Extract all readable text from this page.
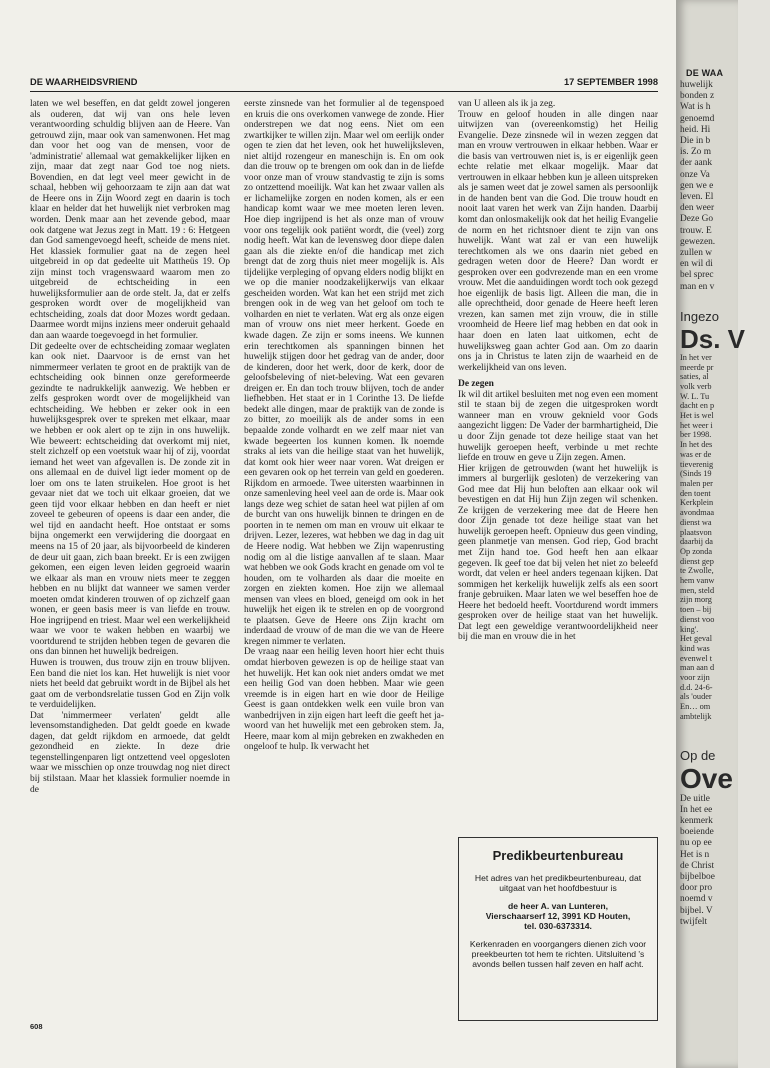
DE WAARHEIDSVRIEND	17 SEPTEMBER 1998

laten we wel beseffen, en dat geldt zowel jongeren als ouderen, dat wij van ons hele leven verantwoording schuldig blijven aan de Heere. Van getrouwd zijn, maar ook van samenwonen. Het mag dan voor het oog van de mensen, voor de 'administratie' allemaal wat gemakkelijker lijken en zijn, maar dat zegt naar God toe nog niets. Bovendien, en dat legt veel meer gewicht in de schaal, hebben wij gehoorzaam te zijn aan dat wat de Heere ons in Zijn Woord zegt en daarin is toch klaar en helder dat het huwelijk niet verbroken mag worden. Denk maar aan het zevende gebod, maar ook datgene wat Jezus zegt in Matt. 19 : 6: Hetgeen dan God samengevoegd heeft, scheide de mens niet. Het klassiek formulier gaat na de zegen heel uitgebreid in op dat gedeelte uit Mattheüs 19. Op zijn minst toch vragenswaard waarom men zo uitgebreid de echtscheiding in een huwelijksformulier aan de orde stelt. Ja, dat er zelfs gesproken wordt over de mogelijkheid van echtscheiding, zoals dat door Mozes wordt gedaan. Daarmee wordt mijns inziens meer onderuit gehaald dan aan waarde toegevoegd in het formulier.

Dit gedeelte over de echtscheiding zomaar weglaten kan ook niet. Daarvoor is de ernst van het nimmermeer verlaten te groot en de praktijk van de echtscheiding ook binnen onze gereformeerde gezindte te nadrukkelijk aanwezig. We hebben er zelfs gesproken wordt over de mogelijkheid van echtscheiding. We hebben er zeker ook in een huwelijksgesprek over te spreken met elkaar, maar we hebben er ook alert op te zijn in ons huwelijk. Wie beweert: echtscheiding dat overkomt mij niet, stelt zichzelf op een voetstuk waar hij of zij, voordat iemand het weet van afgevallen is. De zonde zit in ons allemaal en de duivel ligt ieder moment op de loer om ons te laten struikelen. Hoe groot is het gevaar niet dat we toch uit elkaar groeien, dat we geen tijd voor elkaar hebben en dan heeft er niet zoveel te gebeuren of opeens is daar een ander, die wel tijd en aandacht heeft. Hoe ontstaat er soms bijna ongemerkt een verwijdering die doorgaat en meens na 15 of 20 jaar, als bijvoorbeeld de kinderen de deur uit gaan, zich baan breekt. Er is een zwijgen gekomen, een eigen leven leiden gegroeid waarin we elkaar als man en vrouw niets meer te zeggen hebben en nu blijkt dat wanneer we samen verder moeten omdat kinderen trouwen of op zichzelf gaan wonen, er geen basis meer is van liefde en trouw. Hoe ingrijpend en triest. Maar wel een werkelijkheid waar we voor te waken hebben en waarbij we voortdurend te strijden hebben tegen de gevaren die ons dan binnen het huwelijk bedreigen.

Huwen is trouwen, dus trouw zijn en trouw blijven. Een band die niet los kan. Het huwelijk is niet voor niets het beeld dat gebruikt wordt in de Bijbel als het gaat om de verbondsrelatie tussen God en Zijn volk te verduidelijken.

Dat 'nimmermeer verlaten' geldt alle levensomstandigheden. Dat geldt goede en kwade dagen, dat geldt rijkdom en armoede, dat geldt gezondheid en ziekte. In deze drie tegenstellingenparen ligt ontzettend veel opgesloten waar we misschien op onze trouwdag nog niet direct bij stilstaan. Maar het klassiek formulier noemde in de

eerste zinsnede van het formulier al de tegenspoed en kruis die ons overkomen vanwege de zonde. Hier onderstrepen we dat nog eens. Niet om een zwartkijker te willen zijn. Maar wel om eerlijk onder ogen te zien dat het leven, ook het huwelijksleven, niet altijd rozengeur en maneschijn is. En om ook dan die trouw op te brengen om ook dan in de liefde voor onze man of vrouw standvastig te zijn is soms zo ontzettend moeilijk. Wat kan het zwaar vallen als er lichamelijke zorgen en noden komen, als er een handicap komt waar we mee moeten leren leven. Hoe diep ingrijpend is het als onze man of vrouw voor ons tegelijk ook patiënt wordt, die (veel) zorg nodig heeft. Wat kan de levensweg door diepe dalen gaan als die ziekte en/of die handicap met zich brengt dat de zorg thuis niet meer mogelijk is. Als tijdelijke verpleging of opvang elders nodig blijkt en we op die manier noodzakelijkerwijs van elkaar gescheiden worden. Wat kan het een strijd met zich brengen ook in de weg van het geloof om toch te volharden en niet te verlaten. Wat erg als onze eigen man of vrouw ons niet meer herkent. Goede en kwade dagen. Ze zijn er soms ineens. We kunnen erin terechtkomen als spanningen binnen het huwelijk stijgen door het gedrag van de ander, door de kinderen, door het werk, door de kerk, door de geloofsbeleving of niet-beleving. Wat een gevaren dreigen er. En dan toch trouw blijven, toch de ander liefhebben. Het staat er in 1 Corinthe 13. De liefde bedekt alle dingen, maar de praktijk van de zonde is zo bitter, zo moeilijk als de ander soms in een bepaalde zonde volhardt en we zelf maar niet van kwade begeerten los kunnen komen. Ik noemde straks al iets van die heilige staat van het huwelijk, dat komt ook hier weer naar voren. Wat dreigen er een gevaren ook op het terrein van geld en goederen. Rijkdom en armoede. Twee uitersten waarbinnen in onze samenleving heel veel aan de orde is. Maar ook langs deze weg schiet de satan heel wat pijlen af om de burcht van ons huwelijk binnen te dringen en de poorten in te nemen om man en vrouw uit elkaar te drijven. Lezer, lezeres, wat hebben we dag in dag uit de Heere nodig. Wat hebben we Zijn wapenrusting nodig om al die listige aanvallen af te slaan. Maar wat hebben we ook Gods kracht en genade om vol te houden, om te volharden als daar die moeite en zorgen en ziekten komen. Hoe zijn we allemaal mensen van vlees en bloed, geneigd om ook in het huwelijk het eigen ik te strelen en op de voorgrond te plaatsen. Geve de Heere ons Zijn kracht om inderdaad de vrouw of de man die we van de Heere kregen nimmer te verlaten.

De vraag naar een heilig leven hoort hier echt thuis omdat hierboven gewezen is op de heilige staat van het huwelijk. Het kan ook niet anders omdat we met een heilig God van doen hebben. Maar wie geen vreemde is in eigen hart en wie door de Heilige Geest is gaan ontdekken welk een vuile bron van wanbedrijven in zijn eigen hart leeft die geeft het ja-woord van het huwelijk met een gebroken stem. Ja, Heere, maar kom al mijn gebreken en zwakheden en ongeloof te hulp. Ik verwacht het

van U alleen als ik ja zeg.

Trouw en geloof houden in alle dingen naar uitwijzen van (overeenkomstig) het Heilig Evangelie. Deze zinsnede wil in wezen zeggen dat man en vrouw vertrouwen in elkaar hebben. Waar er die basis van vertrouwen niet is, is er eigenlijk geen echte relatie met elkaar mogelijk. Maar dat vertrouwen in elkaar hebben kun je alleen uitspreken als je samen weet dat je zowel samen als persoonlijk in de handen bent van die God. Die trouw houdt en nooit laat varen het werk van Zijn handen. Daarbij komt dan onlosmakelijk ook dat het heilig Evangelie de norm en het richtsnoer dient te zijn van ons huwelijk. Want wat zal er van een huwelijk terechtkomen als we ons daarin niet gebed en gedragen weten door de Heere? Dan wordt er gesproken over een godvrezende man en een vrome vrouw. Met die aanduidingen wordt toch ook gezegd hoe eigenlijk de basis ligt. Alleen die man, die in alle oprechtheid, door genade de Heere heeft leren vrezen, kan samen met zijn vrouw, die in stille vroomheid de Heere lief mag hebben en dat ook in haar doen en laten laat uitkomen, echt de huwelijksweg gaan achter God aan. Om zo daarin ons ja in Christus te laten zijn de waarheid en de werkelijkheid van ons leven.

De zegen

Ik wil dit artikel besluiten met nog even een moment stil te staan bij de zegen die uitgesproken wordt wanneer man en vrouw geknield voor Gods aangezicht liggen: De Vader der barmhartigheid, Die u door Zijn genade tot deze heilige staat van het huwelijk geroepen heeft, verbinde u met rechte liefde en trouw en geve u Zijn zegen. Amen.

Hier krijgen de getrouwden (want het huwelijk is immers al burgerlijk gesloten) de verzekering van God mee dat Hij hun beloften aan elkaar ook wil bevestigen en dat Hij hun Zijn zegen wil schenken. Ze krijgen de verzekering mee dat de Heere hen door Zijn genade tot deze heilige staat van het huwelijk geroepen heeft. Opnieuw dus geen vinding, geen planmetje van mensen. God riep, God bracht met Zijn hand toe. God heeft hen aan elkaar gegeven. Ik geef toe dat bij velen het niet zo beleefd wordt, dat velen er heel anders tegenaan kijken. Dat sommigen het kerkelijk huwelijk zelfs als een soort franje gebruiken. Maar laten we wel beseffen hoe de Heere het bedoeld heeft. Voortdurend wordt immers gesproken over de heilige staat van het huwelijk. Dat legt een geweldige verantwoordelijkheid neer bij die man en vrouw die in het

Predikbeurtenbureau
Het adres van het predikbeurtenbureau, dat uitgaat van het hoofdbestuur is
de heer A. van Lunteren,
Vierschaarserf 12, 3991 KD Houten,
tel. 030-6373314.
Kerkenraden en voorgangers dienen zich voor preekbeurten tot hem te richten. Uitsluitend 's avonds bellen tussen half zeven en half acht.
608
DE WAA
huwelijk
bonden z
Wat is h
genoemd
heid. Hi
Die in b
is. Zo m
der aank
onze Va
gen we e
leven. El
den weer
Deze Go
trouw. E
gewezen.
zullen w
en wil di
bel sprec
man en v
Ingezo
Ds. V
In het ver
meerde pr
saties, al
volk verb
W. L. Tu
dacht en p
Het is wel
het weer i
ber 1998.
In het des
was er de
tieverenig
(Sinds 19
malen per
den toent
Kerkplein
avondmaa
dienst wa
plaatsvon
daarbij da
Op zonda
dienst gep
te Zwolle,
hem vanw
men, steld
zijn morg
toen – bij
dienst voo
king'.
Het geval
kind was
evenwel t
man aan d
voor zijn
d.d. 24-6-
als 'ouder
En… om
ambtelijk
Op de
Ove
De uitle
In het ee
kenmerk
boeiende
nu op ee
Het is n
de Christ
bijbelboe
door pro
noemd v
bijbel. V
twijfelt
